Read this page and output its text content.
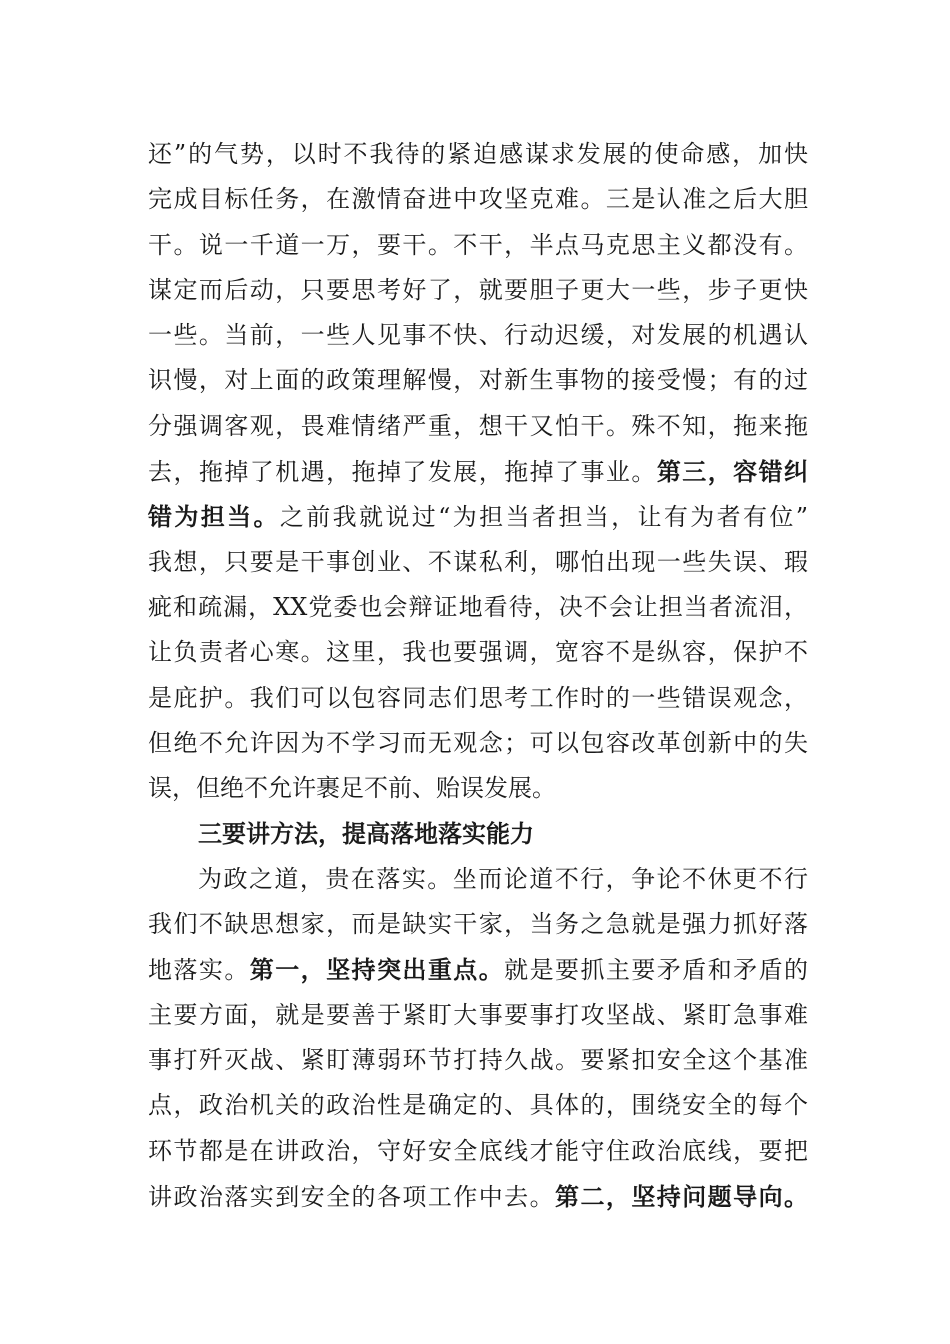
还”的气势，以时不我待的紧迫感谋求发展的使命感，加快
完成目标任务，在激情奋进中攻坚克难。三是认准之后大胆
干。说一千道一万，要干。不干，半点马克思主义都没有。
谋定而后动，只要思考好了，就要胆子更大一些，步子更快
一些。当前，一些人见事不快、行动迟缓，对发展的机遇认
识慢，对上面的政策理解慢，对新生事物的接受慢；有的过
分强调客观，畏难情绪严重，想干又怕干。殊不知，拖来拖
去，拖掉了机遇，拖掉了发展，拖掉了事业。第三，容错纠
错为担当。之前我就说过“为担当者担当，让有为者有位”
我想，只要是干事创业、不谋私利，哪怕出现一些失误、瑕
疵和疏漏，XX党委也会辩证地看待，决不会让担当者流泪，
让负责者心寒。这里，我也要强调，宽容不是纵容，保护不
是庇护。我们可以包容同志们思考工作时的一些错误观念，
但绝不允许因为不学习而无观念；可以包容改革创新中的失
误，但绝不允许裹足不前、贻误发展。
三要讲方法，提高落地落实能力
为政之道，贵在落实。坐而论道不行，争论不休更不行
我们不缺思想家，而是缺实干家，当务之急就是强力抓好落
地落实。第一，坚持突出重点。就是要抓主要矛盾和矛盾的
主要方面，就是要善于紧盯大事要事打攻坚战、紧盯急事难
事打歼灭战、紧盯薄弱环节打持久战。要紧扣安全这个基准
点，政治机关的政治性是确定的、具体的，围绕安全的每个
环节都是在讲政治，守好安全底线才能守住政治底线，要把
讲政治落实到安全的各项工作中去。第二，坚持问题导向。
